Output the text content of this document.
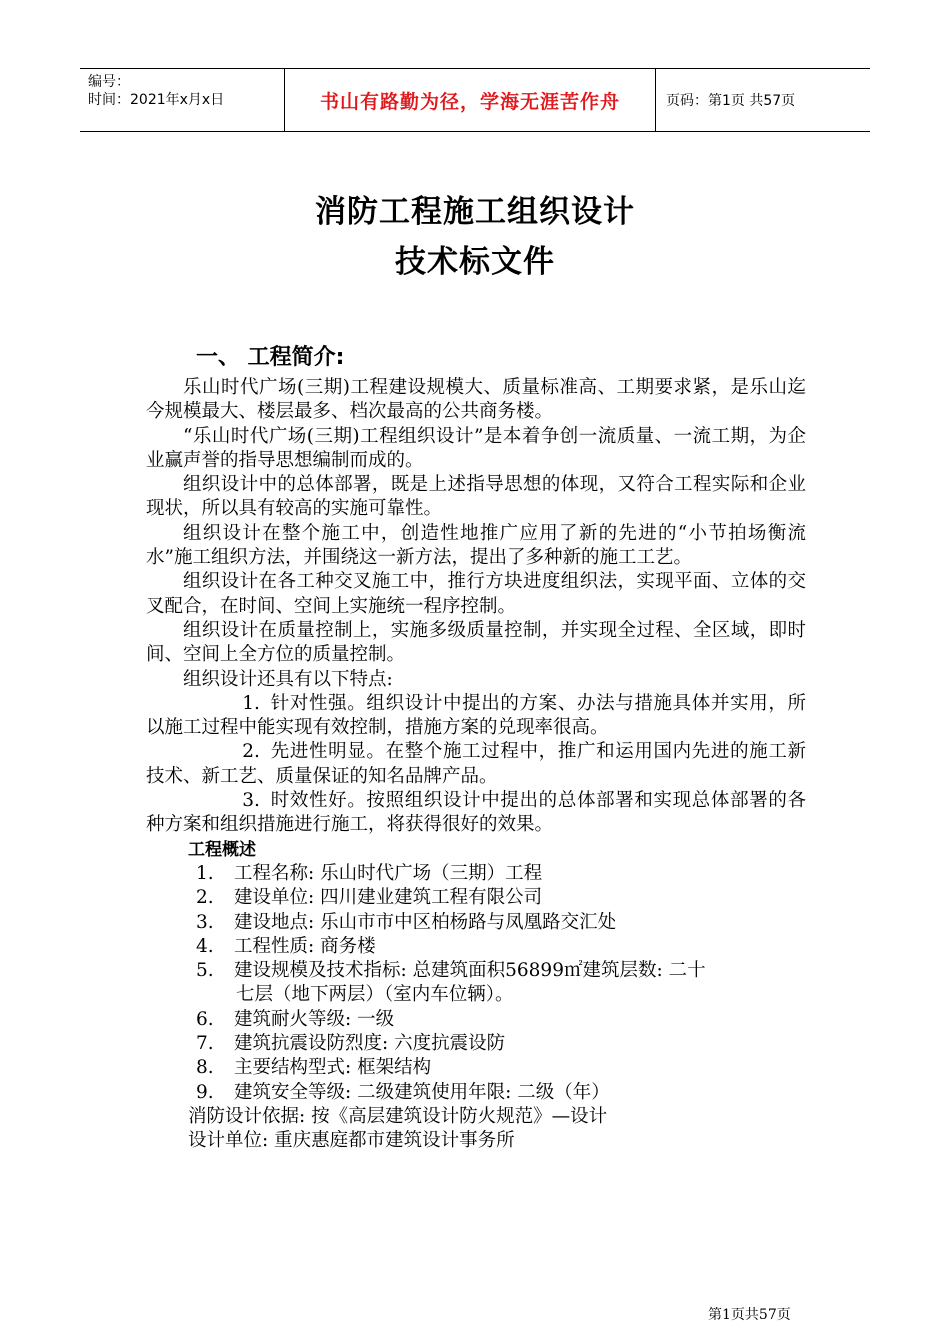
编号：
时间：2021年x月x日	书山有路勤为径，学海无涯苦作舟	页码：第1页 共57页
消防工程施工组织设计
技术标文件
一、 工程简介:

乐山时代广场(三期)工程建设规模大、质量标准高、工期要求紧，是乐山迄今规模最大、楼层最多、档次最高的公共商务楼。

“乐山时代广场(三期)工程组织设计”是本着争创一流质量、一流工期，为企业赢声誉的指导思想编制而成的。

组织设计中的总体部署，既是上述指导思想的体现，又符合工程实际和企业现状，所以具有较高的实施可靠性。

组织设计在整个施工中，创造性地推广应用了新的先进的“小节拍场衡流水”施工组织方法，并围绕这一新方法，提出了多种新的施工工艺。

组织设计在各工种交叉施工中，推行方块进度组织法，实现平面、立体的交叉配合，在时间、空间上实施统一程序控制。

组织设计在质量控制上，实施多级质量控制，并实现全过程、全区域，即时间、空间上全方位的质量控制。

组织设计还具有以下特点:

1. 针对性强。组织设计中提出的方案、办法与措施具体并实用，所以施工过程中能实现有效控制，措施方案的兑现率很高。

2. 先进性明显。在整个施工过程中，推广和运用国内先进的施工新技术、新工艺、质量保证的知名品牌产品。

3. 时效性好。按照组织设计中提出的总体部署和实现总体部署的各种方案和组织措施进行施工，将获得很好的效果。

工程概述
1. 工程名称: 乐山时代广场（三期）工程
2. 建设单位: 四川建业建筑工程有限公司
3. 建设地点: 乐山市市中区柏杨路与凤凰路交汇处
4. 工程性质: 商务楼
5. 建设规模及技术指标: 总建筑面积56899㎡建筑层数: 二十
七层（地下两层）（室内车位辆）。
6. 建筑耐火等级: 一级
7. 建筑抗震设防烈度: 六度抗震设防
8. 主要结构型式: 框架结构
9. 建筑安全等级: 二级建筑使用年限: 二级（年）
消防设计依据: 按《高层建筑设计防火规范》—设计
设计单位: 重庆惠庭都市建筑设计事务所
第1页共57页
